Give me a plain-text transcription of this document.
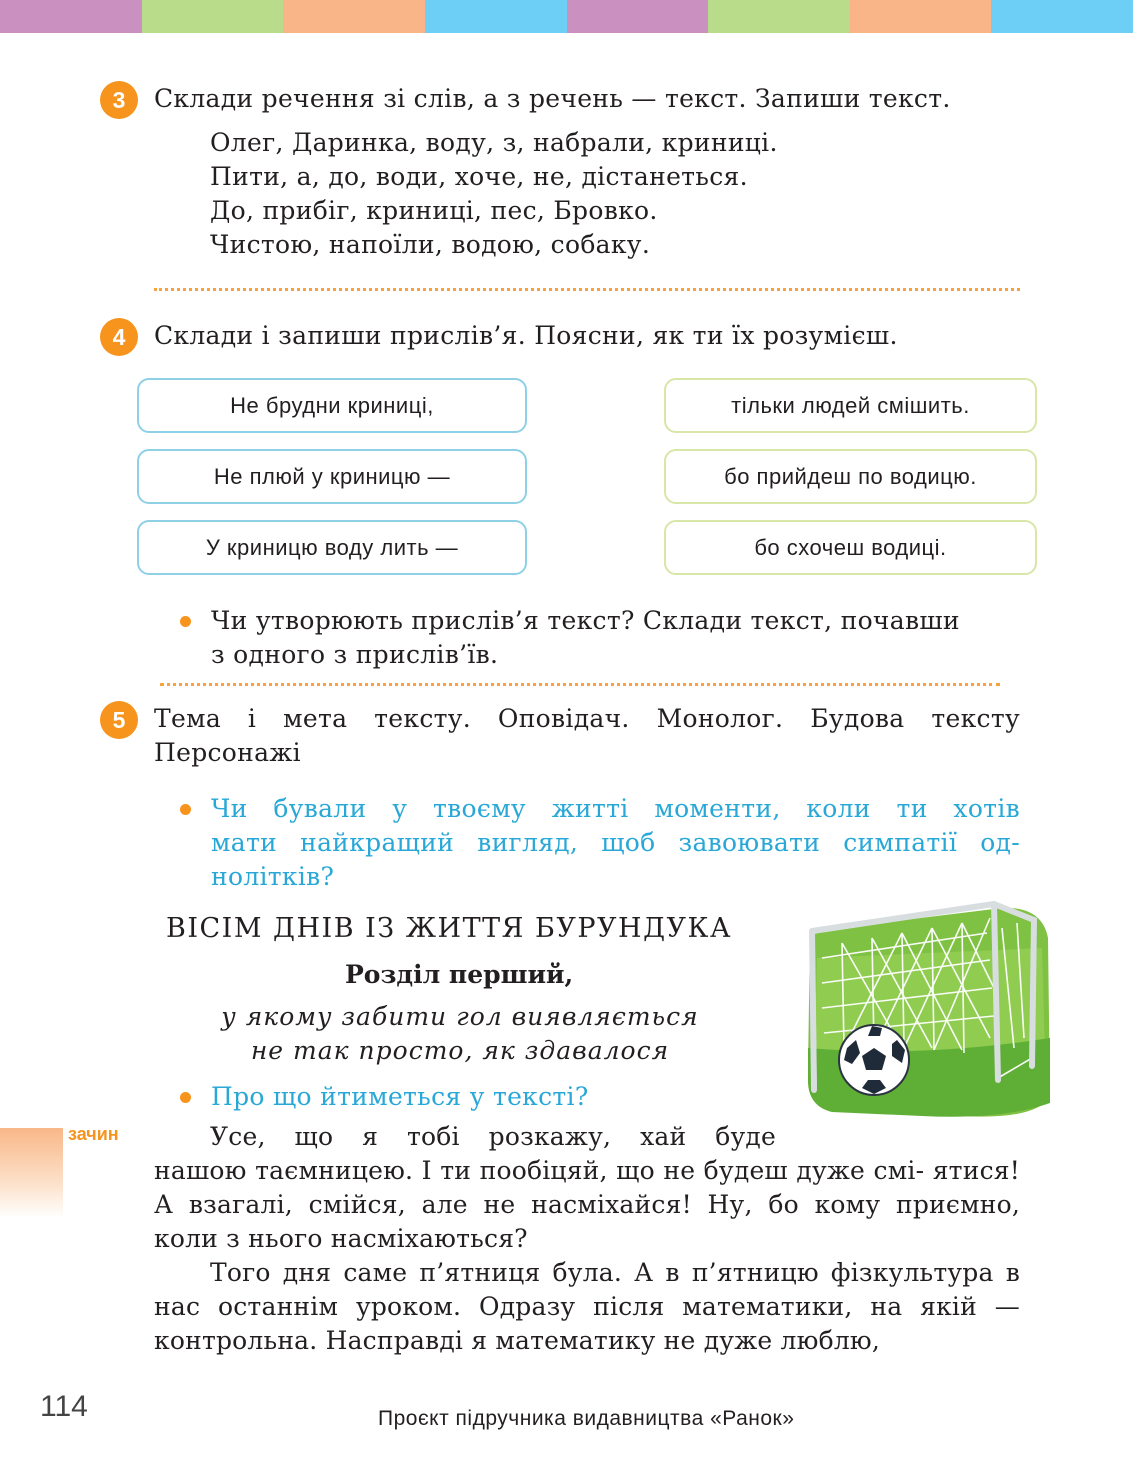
3	Склади речення зі слів, а з речень — текст. Запиши текст.
Олег, Даринка, воду, з, набрали, криниці.
Пити, а, до, води, хоче, не, дістанеться.
До, прибіг, криниці, пес, Бровко.
Чистою, напоїли, водою, собаку.
4	Склади і запиши прислів’я. Поясни, як ти їх розумієш.
Не брудни криниці,
Не плюй у криницю —
У криницю воду лить —
тільки людей смішить.
бо прийдеш по водицю.
бо схочеш водиці.
Чи утворюють прислів’я текст? Склади текст, почавши
з одного з прислів’їв.
5	Тема і мета тексту. Оповідач. Монолог. Будова тексту
Персонажі
Чи бували у твоєму житті моменти, коли ти хотів
мати найкращий вигляд, щоб завоювати симпатії од-
нолітків?
ВІСІМ ДНІВ ІЗ ЖИТТЯ БУРУНДУКА
Розділ перший,
у якому забити гол виявляється
не так просто, як здавалося
Про що йтиметься у тексті?
зачин	Усе, що я тобі розкажу, хай буде
нашою таємницею. І ти пообіцяй, що не будеш дуже смі- ятися! А взагалі, смійся, але не насміхайся! Ну, бо кому приємно, коли з нього насміхаються?

Того дня саме п’ятниця була. А в п’ятницю фізкультура в нас останнім уроком. Одразу після математики, на якій — контрольна. Насправді я математику не дуже люблю,

114	Проєкт підручника видавництва «Ранок»
